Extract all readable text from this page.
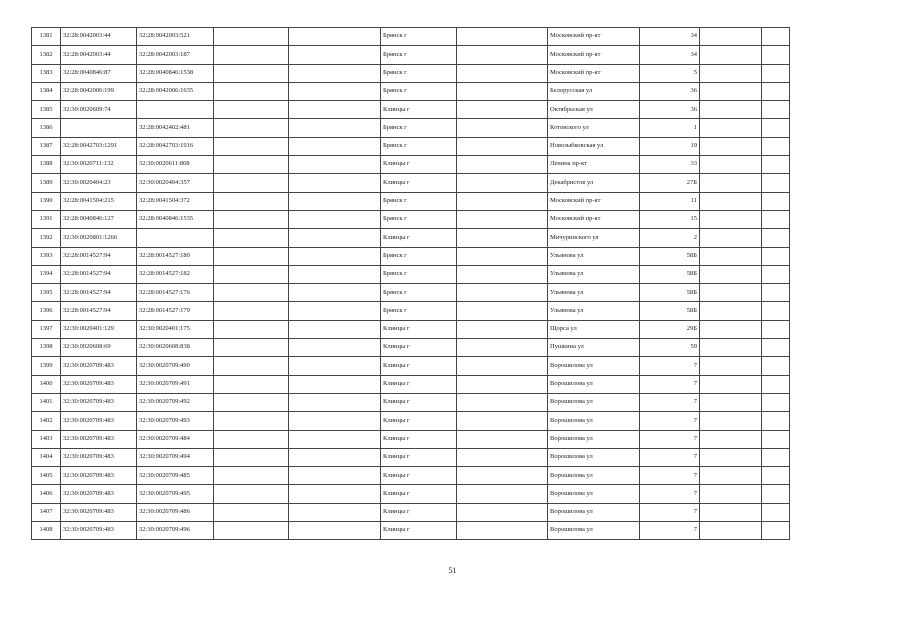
1381	32:28:0042003:44	32:28:0042003:521			Брянск г		Московский пр-кт	34		
1382	32:28:0042003:44	32:28:0042003:187			Брянск г		Московский пр-кт	34		
1383	32:28:0040846:87	32:28:0040846:1538			Брянск г		Московский пр-кт	5		
1384	32:28:0042006:199	32:28:0042006:1635			Брянск г		Белорусская ул	36		
1385	32:30:0020609:74				Клинцы г		Октябрьская ул	36		
1386		32:28:0042402:481			Брянск г		Котовского ул	1		
1387	32:28:0042703:1291	32:28:0042703:1916			Брянск г		Новозыбковская ул	19		
1388	32:30:0020711:132	32:30:0020611:808			Клинцы г		Ленина пр-кт	33		
1389	32:30:0020404:23	32:30:0020404:357			Клинцы г		Декабристов ул	27Б		
1390	32:28:0041504:215	32:28:0041504:372			Брянск г		Московский пр-кт	11		
1391	32:28:0040846:127	32:28:0040846:1535			Брянск г		Московский пр-кт	15		
1392	32:30:0020801:1266				Клинцы г		Мичуринского ул	2		
1393	32:28:0014527:94	32:28:0014527:180			Брянск г		Ульянова ул	58Б		
1394	32:28:0014527:94	32:28:0014527:182			Брянск г		Ульянова ул	58Б		
1395	32:28:0014527:94	32:28:0014527:176			Брянск г		Ульянова ул	58Б		
1396	32:28:0014527:94	32:28:0014527:179			Брянск г		Ульянова ул	58Б		
1397	32:30:0020401:129	32:30:0020401:175			Клинцы г		Щорса ул	29Б		
1398	32:30:0020608:69	32:30:0020608:838			Клинцы г		Пушкина ул	59		
1399	32:30:0020709:483	32:30:0020709:490			Клинцы г		Ворошилова ул	7		
1400	32:30:0020709:483	32:30:0020709:491			Клинцы г		Ворошилова ул	7		
1401	32:30:0020709:483	32:30:0020709:492			Клинцы г		Ворошилова ул	7		
1402	32:30:0020709:483	32:30:0020709:493			Клинцы г		Ворошилова ул	7		
1403	32:30:0020709:483	32:30:0020709:484			Клинцы г		Ворошилова ул	7		
1404	32:30:0020709:483	32:30:0020709:494			Клинцы г		Ворошилова ул	7		
1405	32:30:0020709:483	32:30:0020709:485			Клинцы г		Ворошилова ул	7		
1406	32:30:0020709:483	32:30:0020709:495			Клинцы г		Ворошилова ул	7		
1407	32:30:0020709:483	32:30:0020709:486			Клинцы г		Ворошилова ул	7		
1408	32:30:0020709:483	32:30:0020709:496			Клинцы г		Ворошилова ул	7		
51
